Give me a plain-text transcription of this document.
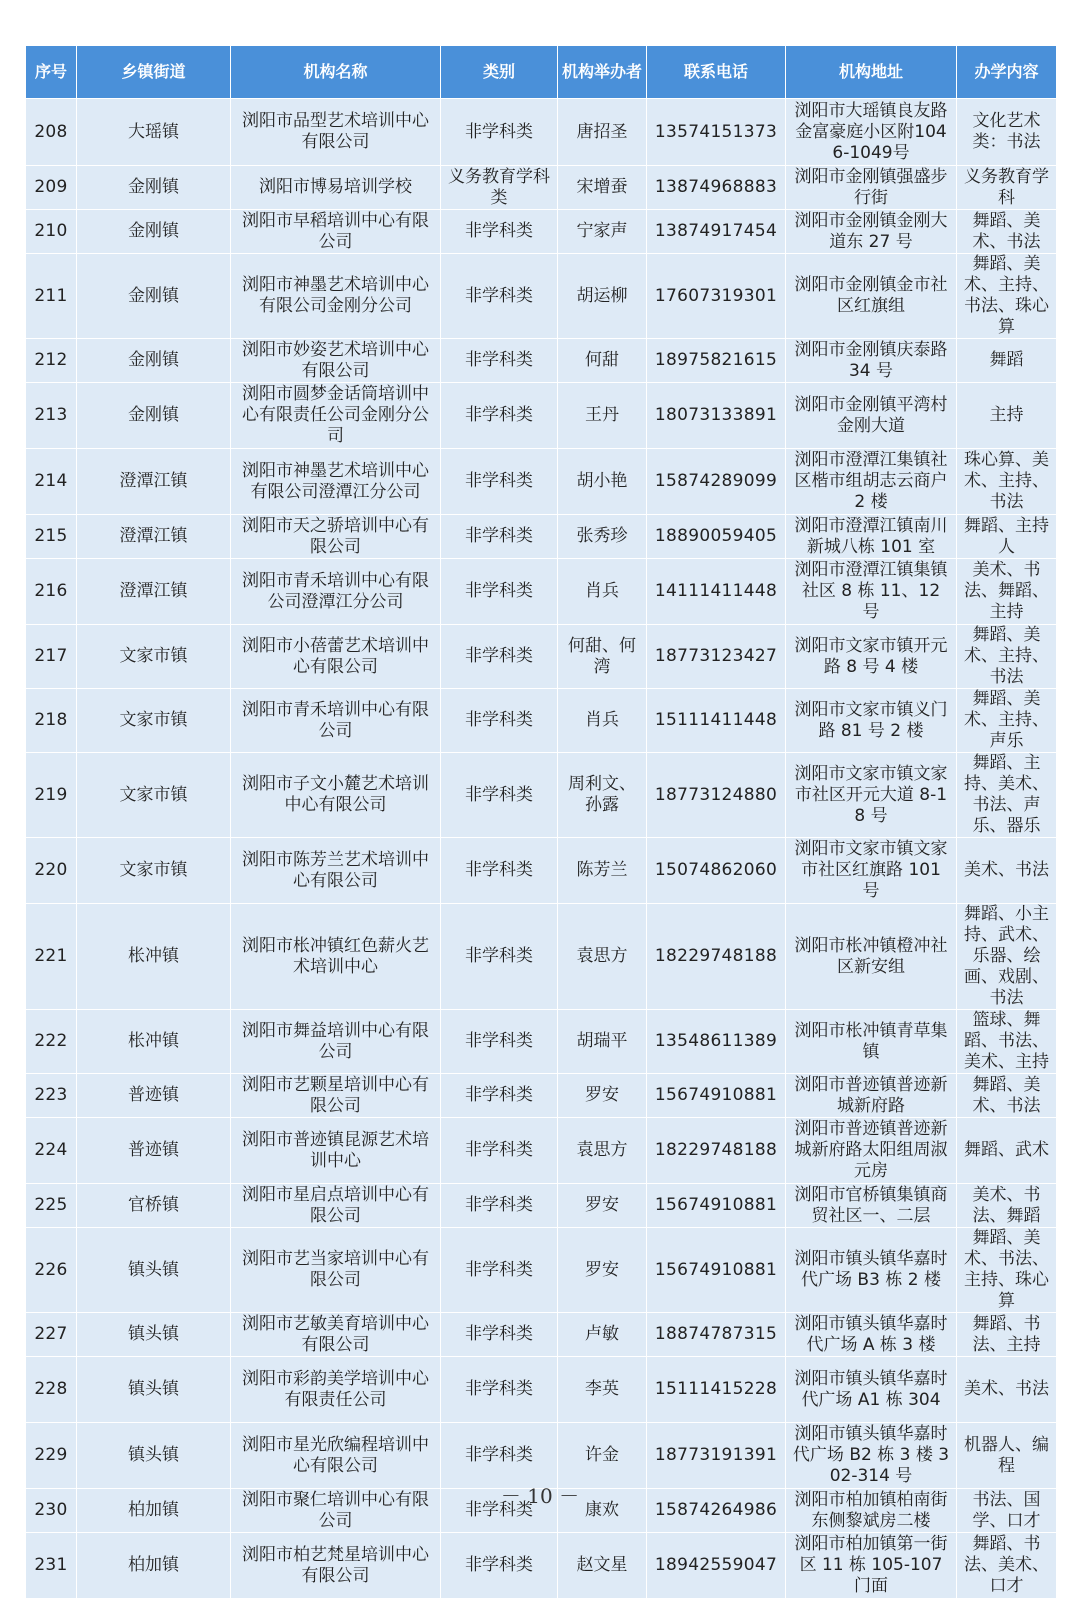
序号	乡镇街道	机构名称	类别	机构举办者	联系电话	机构地址	办学内容
208	大瑶镇	浏阳市品型艺术培训中心有限公司	非学科类	唐招圣	13574151373	浏阳市大瑶镇良友路金富豪庭小区附1046-1049号	文化艺术类：书法
209	金刚镇	浏阳市博易培训学校	义务教育学科类	宋增蚕	13874968883	浏阳市金刚镇强盛步行街	义务教育学科
210	金刚镇	浏阳市早稻培训中心有限公司	非学科类	宁家声	13874917454	浏阳市金刚镇金刚大道东 27 号	舞蹈、美术、书法
211	金刚镇	浏阳市神墨艺术培训中心有限公司金刚分公司	非学科类	胡运柳	17607319301	浏阳市金刚镇金市社区红旗组	舞蹈、美术、主持、书法、珠心算
212	金刚镇	浏阳市妙姿艺术培训中心有限公司	非学科类	何甜	18975821615	浏阳市金刚镇庆泰路 34 号	舞蹈
213	金刚镇	浏阳市圆梦金话筒培训中心有限责任公司金刚分公司	非学科类	王丹	18073133891	浏阳市金刚镇平湾村金刚大道	主持
214	澄潭江镇	浏阳市神墨艺术培训中心有限公司澄潭江分公司	非学科类	胡小艳	15874289099	浏阳市澄潭江集镇社区楷市组胡志云商户 2 楼	珠心算、美术、主持、书法
215	澄潭江镇	浏阳市天之骄培训中心有限公司	非学科类	张秀珍	18890059405	浏阳市澄潭江镇南川新城八栋 101 室	舞蹈、主持人
216	澄潭江镇	浏阳市青禾培训中心有限公司澄潭江分公司	非学科类	肖兵	14111411448	浏阳市澄潭江镇集镇社区 8 栋 11、12 号	美术、书法、舞蹈、主持
217	文家市镇	浏阳市小蓓蕾艺术培训中心有限公司	非学科类	何甜、何湾	18773123427	浏阳市文家市镇开元路 8 号 4 楼	舞蹈、美术、主持、书法
218	文家市镇	浏阳市青禾培训中心有限公司	非学科类	肖兵	15111411448	浏阳市文家市镇义门路 81 号 2 楼	舞蹈、美术、主持、声乐
219	文家市镇	浏阳市子文小麓艺术培训中心有限公司	非学科类	周利文、孙露	18773124880	浏阳市文家市镇文家市社区开元大道 8-18 号	舞蹈、主持、美术、书法、声乐、器乐
220	文家市镇	浏阳市陈芳兰艺术培训中心有限公司	非学科类	陈芳兰	15074862060	浏阳市文家市镇文家市社区红旗路 101 号	美术、书法
221	枨冲镇	浏阳市枨冲镇红色薪火艺术培训中心	非学科类	袁思方	18229748188	浏阳市枨冲镇橙冲社区新安组	舞蹈、小主持、武术、乐器、绘画、戏剧、书法
222	枨冲镇	浏阳市舞益培训中心有限公司	非学科类	胡瑞平	13548611389	浏阳市枨冲镇青草集镇	篮球、舞蹈、书法、美术、主持
223	普迹镇	浏阳市艺颗星培训中心有限公司	非学科类	罗安	15674910881	浏阳市普迹镇普迹新城新府路	舞蹈、美术、书法
224	普迹镇	浏阳市普迹镇昆源艺术培训中心	非学科类	袁思方	18229748188	浏阳市普迹镇普迹新城新府路太阳组周淑元房	舞蹈、武术
225	官桥镇	浏阳市星启点培训中心有限公司	非学科类	罗安	15674910881	浏阳市官桥镇集镇商贸社区一、二层	美术、书法、舞蹈
226	镇头镇	浏阳市艺当家培训中心有限公司	非学科类	罗安	15674910881	浏阳市镇头镇华嘉时代广场 B3 栋 2 楼	舞蹈、美术、书法、主持、珠心算
227	镇头镇	浏阳市艺敏美育培训中心有限公司	非学科类	卢敏	18874787315	浏阳市镇头镇华嘉时代广场 A 栋 3 楼	舞蹈、书法、主持
228	镇头镇	浏阳市彩韵美学培训中心有限责任公司	非学科类	李英	15111415228	浏阳市镇头镇华嘉时代广场 A1 栋 304	美术、书法
229	镇头镇	浏阳市星光欣编程培训中心有限公司	非学科类	许金	18773191391	浏阳市镇头镇华嘉时代广场 B2 栋 3 楼 302-314 号	机器人、编程
230	柏加镇	浏阳市聚仁培训中心有限公司	非学科类	康欢	15874264986	浏阳市柏加镇柏南街东侧黎斌房二楼	书法、国学、口才
231	柏加镇	浏阳市柏艺梵星培训中心有限公司	非学科类	赵文星	18942559047	浏阳市柏加镇第一街区 11 栋 105-107 门面	舞蹈、书法、美术、口才
－ 10 －
